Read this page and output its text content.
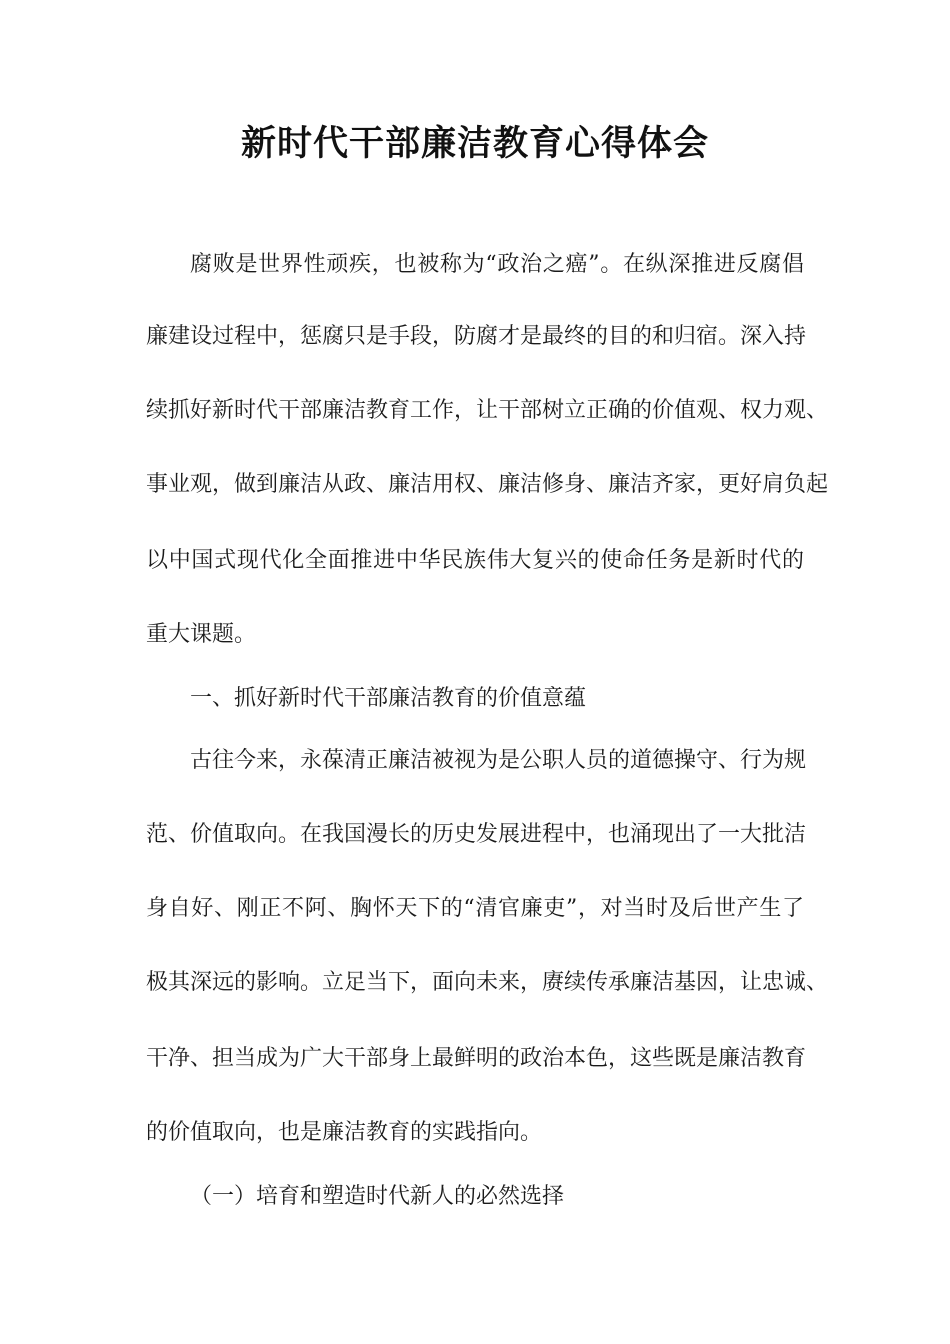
新时代干部廉洁教育心得体会

腐败是世界性顽疾，也被称为“政治之癌”。在纵深推进反腐倡

廉建设过程中，惩腐只是手段，防腐才是最终的目的和归宿。深入持

续抓好新时代干部廉洁教育工作，让干部树立正确的价值观、权力观、

事业观，做到廉洁从政、廉洁用权、廉洁修身、廉洁齐家，更好肩负起

以中国式现代化全面推进中华民族伟大复兴的使命任务是新时代的

重大课题。

一、抓好新时代干部廉洁教育的价值意蕴

古往今来，永葆清正廉洁被视为是公职人员的道德操守、行为规

范、价值取向。在我国漫长的历史发展进程中，也涌现出了一大批洁

身自好、刚正不阿、胸怀天下的“清官廉吏”，对当时及后世产生了

极其深远的影响。立足当下，面向未来，赓续传承廉洁基因，让忠诚、

干净、担当成为广大干部身上最鲜明的政治本色，这些既是廉洁教育

的价值取向，也是廉洁教育的实践指向。

（一）培育和塑造时代新人的必然选择
